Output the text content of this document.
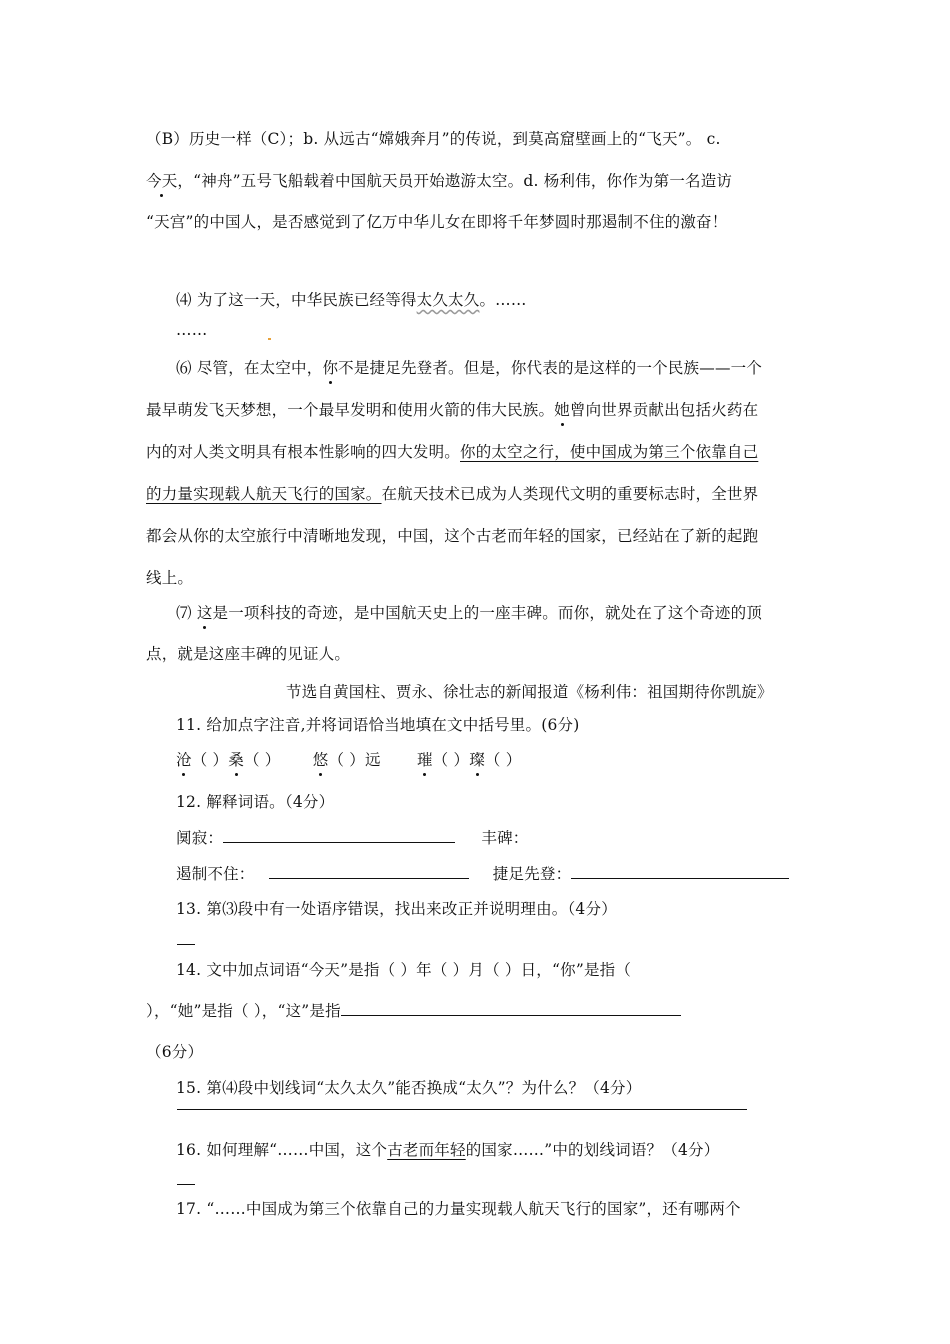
（B）历史一样（C）；b. 从远古“嫦娥奔月”的传说，到莫高窟壁画上的“飞天”。 c.
今天，“神舟”五号飞船载着中国航天员开始遨游太空。d. 杨利伟，你作为第一名造访
“天宫”的中国人，是否感觉到了亿万中华儿女在即将千年梦圆时那遏制不住的激奋！
⑷ 为了这一天，中华民族已经等得太久太久。……
……
⑹ 尽管，在太空中，你不是捷足先登者。但是，你代表的是这样的一个民族——一个
最早萌发飞天梦想，一个最早发明和使用火箭的伟大民族。她曾向世界贡献出包括火药在
内的对人类文明具有根本性影响的四大发明。你的太空之行，使中国成为第三个依靠自己
的力量实现载人航天飞行的国家。在航天技术已成为人类现代文明的重要标志时，全世界
都会从你的太空旅行中清晰地发现，中国，这个古老而年轻的国家，已经站在了新的起跑
线上。
⑺ 这是一项科技的奇迹，是中国航天史上的一座丰碑。而你，就处在了这个奇迹的顶
点，就是这座丰碑的见证人。
节选自黄国柱、贾永、徐壮志的新闻报道《杨利伟：祖国期待你凯旋》
11. 给加点字注音,并将词语恰当地填在文中括号里。(6分)
沧（ ）桑（ ） 悠（ ）远 璀（ ）璨（ ）
12. 解释词语。（4分）
阒寂：	丰碑：
遏制不住：	捷足先登：
13. 第⑶段中有一处语序错误，找出来改正并说明理由。（4分）
14. 文中加点词语“今天”是指（ ）年（ ）月（ ）日，“你”是指（
），“她”是指（ ），“这”是指
（6分）
15. 第⑷段中划线词“太久太久”能否换成“太久”？为什么？（4分）
16. 如何理解“……中国，这个古老而年轻的国家……”中的划线词语？（4分）
17. “……中国成为第三个依靠自己的力量实现载人航天飞行的国家”，还有哪两个
